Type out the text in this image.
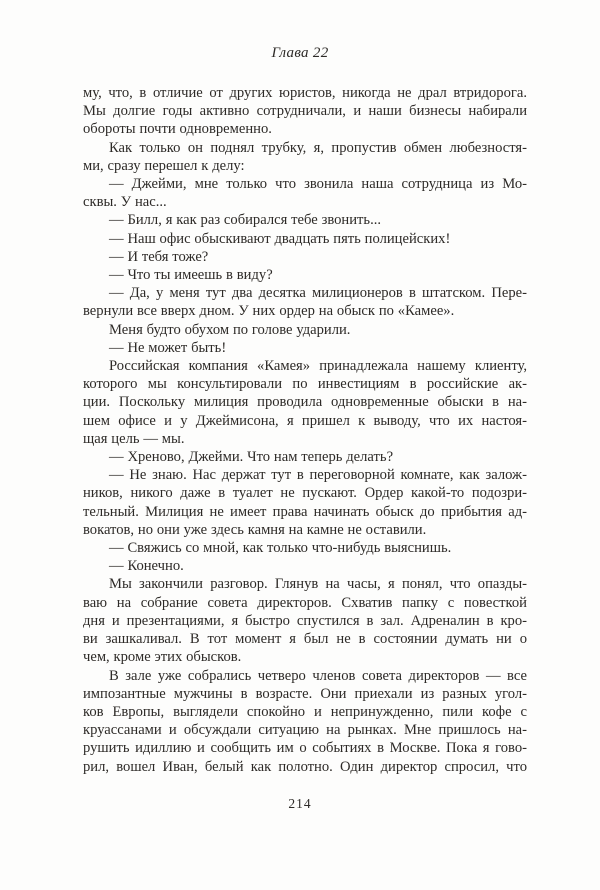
Глава 22
му, что, в отличие от других юристов, никогда не драл втридорога.
Мы долгие годы активно сотрудничали, и наши бизнесы набирали
обороты почти одновременно.
Как только он поднял трубку, я, пропустив обмен любезностя-
ми, сразу перешел к делу:
— Джейми, мне только что звонила наша сотрудница из Мо-
сквы. У нас...
— Билл, я как раз собирался тебе звонить...
— Наш офис обыскивают двадцать пять полицейских!
— И тебя тоже?
— Что ты имеешь в виду?
— Да, у меня тут два десятка милиционеров в штатском. Пере-
вернули все вверх дном. У них ордер на обыск по «Камее».
Меня будто обухом по голове ударили.
— Не может быть!
Российская компания «Камея» принадлежала нашему клиенту,
которого мы консультировали по инвестициям в российские ак-
ции. Поскольку милиция проводила одновременные обыски в на-
шем офисе и у Джеймисона, я пришел к выводу, что их настоя-
щая цель — мы.
— Хреново, Джейми. Что нам теперь делать?
— Не знаю. Нас держат тут в переговорной комнате, как залож-
ников, никого даже в туалет не пускают. Ордер какой-то подозри-
тельный. Милиция не имеет права начинать обыск до прибытия ад-
вокатов, но они уже здесь камня на камне не оставили.
— Свяжись со мной, как только что-нибудь выяснишь.
— Конечно.
Мы закончили разговор. Глянув на часы, я понял, что опазды-
ваю на собрание совета директоров. Схватив папку с повесткой
дня и презентациями, я быстро спустился в зал. Адреналин в кро-
ви зашкаливал. В тот момент я был не в состоянии думать ни о
чем, кроме этих обысков.
В зале уже собрались четверо членов совета директоров — все
импозантные мужчины в возрасте. Они приехали из разных угол-
ков Европы, выглядели спокойно и непринужденно, пили кофе с
круассанами и обсуждали ситуацию на рынках. Мне пришлось на-
рушить идиллию и сообщить им о событиях в Москве. Пока я гово-
рил, вошел Иван, белый как полотно. Один директор спросил, что
214
